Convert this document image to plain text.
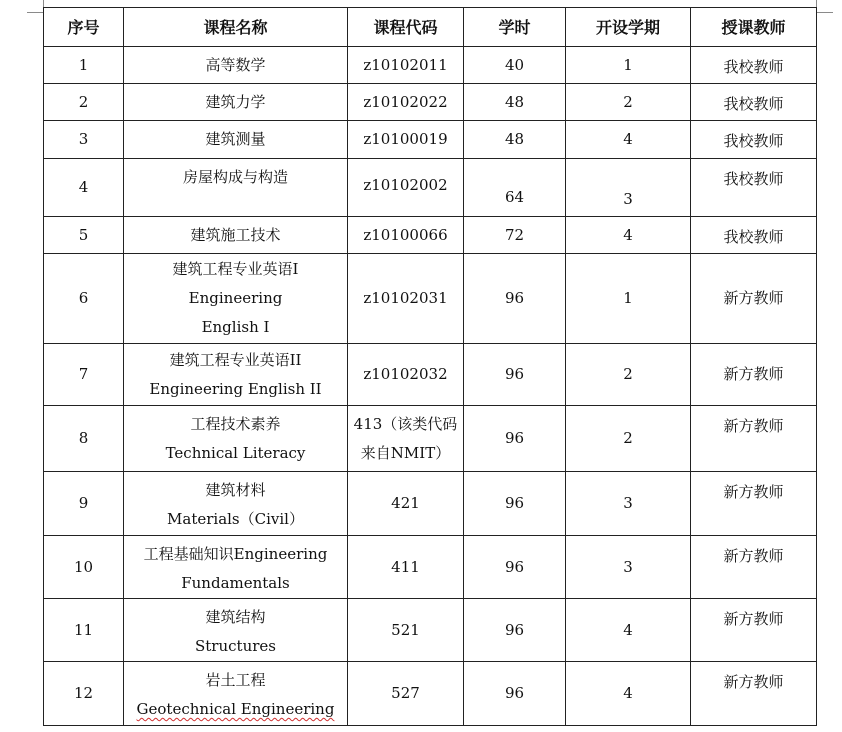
序号	课程名称	课程代码	学时	开设学期	授课教师
1	高等数学	z10102011	40	1	我校教师
2	建筑力学	z10102022	48	2	我校教师
3	建筑测量	z10100019	48	4	我校教师
4	房屋构成与构造	z10102002	64	3	我校教师
5	建筑施工技术	z10100066	72	4	我校教师
6	建筑工程专业英语I
Engineering
English I	z10102031	96	1	新方教师
7	建筑工程专业英语II
Engineering English II	z10102032	96	2	新方教师
8	工程技术素养
Technical Literacy	413（该类代码
来自NMIT）	96	2	新方教师
9	建筑材料
Materials（Civil）	421	96	3	新方教师
10	工程基础知识Engineering
Fundamentals	411	96	3	新方教师
11	建筑结构
Structures	521	96	4	新方教师
12	岩土工程
Geotechnical Engineering	527	96	4	新方教师
